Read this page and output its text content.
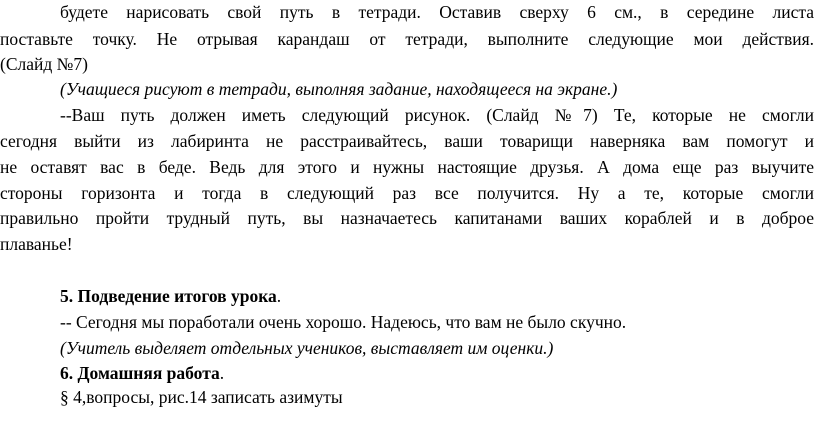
будете нарисовать свой путь в тетради. Оставив сверху 6 см., в середине листа
поставьте точку. Не отрывая карандаш от тетради, выполните следующие мои действия.
(Слайд №7)
(Учащиеся рисуют в тетради, выполняя задание, находящееся на экране.)
--Ваш путь должен иметь следующий рисунок. (Слайд №7) Те, которые не смогли
сегодня выйти из лабиринта не расстраивайтесь, ваши товарищи наверняка вам помогут и
не оставят вас в беде. Ведь для этого и нужны настоящие друзья. А дома еще раз выучите
стороны горизонта и тогда в следующий раз все получится. Ну а те, которые смогли
правильно пройти трудный путь, вы назначаетесь капитанами ваших кораблей и в доброе
плаванье!
5. Подведение итогов урока.
-- Сегодня мы поработали очень хорошо. Надеюсь, что вам не было скучно.
(Учитель выделяет отдельных учеников, выставляет им оценки.)
6. Домашняя работа.
§ 4,вопросы, рис.14 записать азимуты
